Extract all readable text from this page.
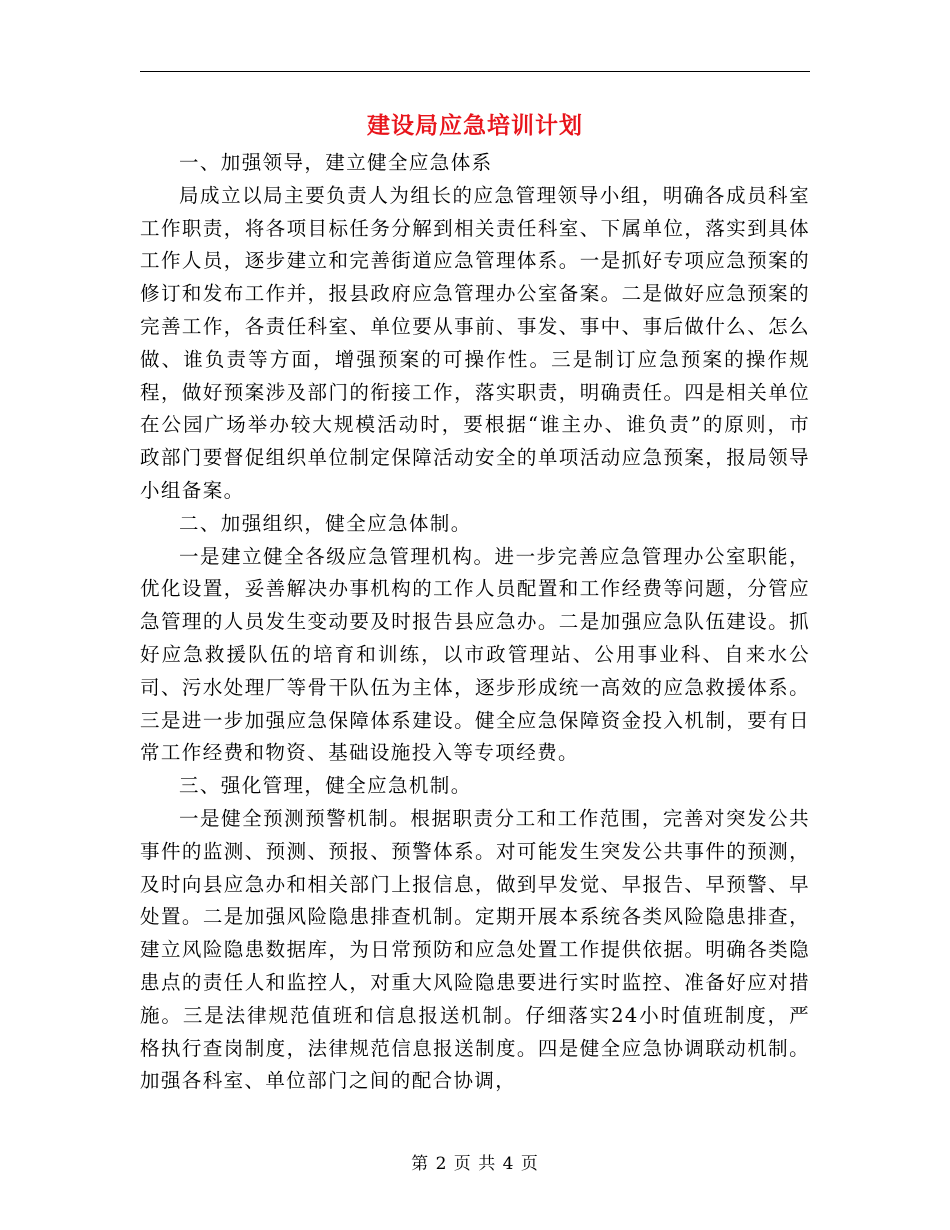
建设局应急培训计划

一、加强领导，建立健全应急体系

局成立以局主要负责人为组长的应急管理领导小组，明确各成员科室工作职责，将各项目标任务分解到相关责任科室、下属单位，落实到具体工作人员，逐步建立和完善街道应急管理体系。一是抓好专项应急预案的修订和发布工作并，报县政府应急管理办公室备案。二是做好应急预案的完善工作，各责任科室、单位要从事前、事发、事中、事后做什么、怎么做、谁负责等方面，增强预案的可操作性。三是制订应急预案的操作规程，做好预案涉及部门的衔接工作，落实职责，明确责任。四是相关单位在公园广场举办较大规模活动时，要根据“谁主办、谁负责”的原则，市政部门要督促组织单位制定保障活动安全的单项活动应急预案，报局领导小组备案。

二、加强组织，健全应急体制。

一是建立健全各级应急管理机构。进一步完善应急管理办公室职能，优化设置，妥善解决办事机构的工作人员配置和工作经费等问题，分管应急管理的人员发生变动要及时报告县应急办。二是加强应急队伍建设。抓好应急救援队伍的培育和训练，以市政管理站、公用事业科、自来水公司、污水处理厂等骨干队伍为主体，逐步形成统一高效的应急救援体系。三是进一步加强应急保障体系建设。健全应急保障资金投入机制，要有日常工作经费和物资、基础设施投入等专项经费。

三、强化管理，健全应急机制。

一是健全预测预警机制。根据职责分工和工作范围，完善对突发公共事件的监测、预测、预报、预警体系。对可能发生突发公共事件的预测，及时向县应急办和相关部门上报信息，做到早发觉、早报告、早预警、早处置。二是加强风险隐患排查机制。定期开展本系统各类风险隐患排查，建立风险隐患数据库，为日常预防和应急处置工作提供依据。明确各类隐患点的责任人和监控人，对重大风险隐患要进行实时监控、准备好应对措施。三是法律规范值班和信息报送机制。仔细落实24小时值班制度，严格执行查岗制度，法律规范信息报送制度。四是健全应急协调联动机制。加强各科室、单位部门之间的配合协调，

第 2 页 共 4 页
